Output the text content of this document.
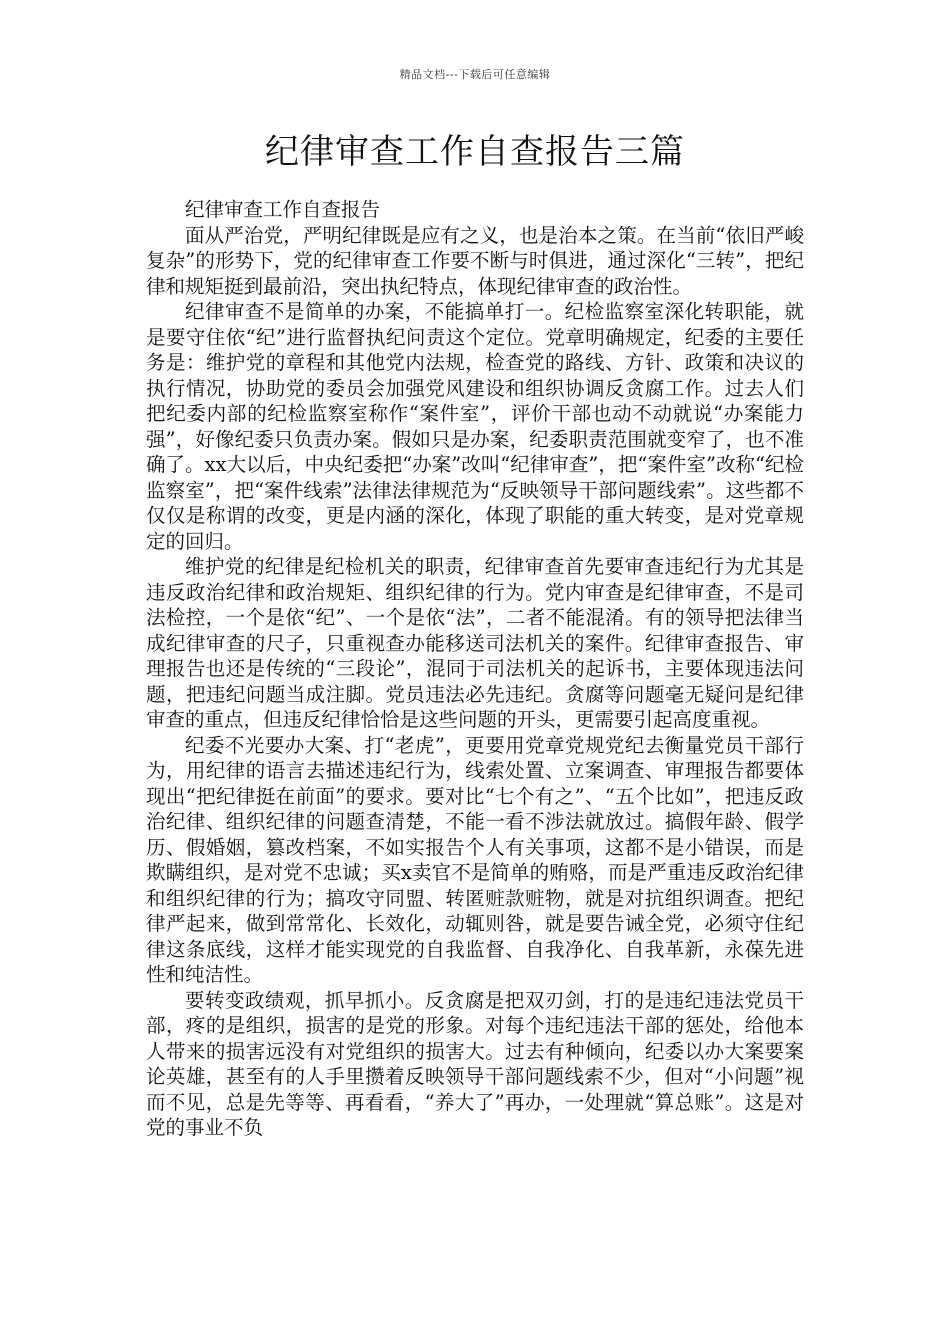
精品文档---下载后可任意编辑
纪律审查工作自查报告三篇

纪律审查工作自查报告

面从严治党，严明纪律既是应有之义，也是治本之策。在当前“依旧严峻复杂”的形势下，党的纪律审查工作要不断与时俱进，通过深化“三转”，把纪律和规矩挺到最前沿，突出执纪特点，体现纪律审查的政治性。

纪律审查不是简单的办案，不能搞单打一。纪检监察室深化转职能，就是要守住依“纪”进行监督执纪问责这个定位。党章明确规定，纪委的主要任务是：维护党的章程和其他党内法规，检查党的路线、方针、政策和决议的执行情况，协助党的委员会加强党风建设和组织协调反贪腐工作。过去人们把纪委内部的纪检监察室称作“案件室”，评价干部也动不动就说“办案能力强”，好像纪委只负责办案。假如只是办案，纪委职责范围就变窄了，也不准确了。xx大以后，中央纪委把“办案”改叫“纪律审查”，把“案件室”改称“纪检监察室”，把“案件线索”法律法律规范为“反映领导干部问题线索”。这些都不仅仅是称谓的改变，更是内涵的深化，体现了职能的重大转变，是对党章规定的回归。

维护党的纪律是纪检机关的职责，纪律审查首先要审查违纪行为尤其是违反政治纪律和政治规矩、组织纪律的行为。党内审查是纪律审查，不是司法检控，一个是依“纪”、一个是依“法”，二者不能混淆。有的领导把法律当成纪律审查的尺子，只重视查办能移送司法机关的案件。纪律审查报告、审理报告也还是传统的“三段论”，混同于司法机关的起诉书，主要体现违法问题，把违纪问题当成注脚。党员违法必先违纪。贪腐等问题毫无疑问是纪律审查的重点，但违反纪律恰恰是这些问题的开头，更需要引起高度重视。

纪委不光要办大案、打“老虎”，更要用党章党规党纪去衡量党员干部行为，用纪律的语言去描述违纪行为，线索处置、立案调查、审理报告都要体现出“把纪律挺在前面”的要求。要对比“七个有之”、“五个比如”，把违反政治纪律、组织纪律的问题查清楚，不能一看不涉法就放过。搞假年龄、假学历、假婚姻，篡改档案，不如实报告个人有关事项，这都不是小错误，而是欺瞒组织，是对党不忠诚；买x卖官不是简单的贿赂，而是严重违反政治纪律和组织纪律的行为；搞攻守同盟、转匿赃款赃物，就是对抗组织调查。把纪律严起来，做到常常化、长效化，动辄则咎，就是要告诫全党，必须守住纪律这条底线，这样才能实现党的自我监督、自我净化、自我革新，永葆先进性和纯洁性。

要转变政绩观，抓早抓小。反贪腐是把双刃剑，打的是违纪违法党员干部，疼的是组织，损害的是党的形象。对每个违纪违法干部的惩处，给他本人带来的损害远没有对党组织的损害大。过去有种倾向，纪委以办大案要案论英雄，甚至有的人手里攒着反映领导干部问题线索不少，但对“小问题”视而不见，总是先等等、再看看，“养大了”再办，一处理就“算总账”。这是对党的事业不负
